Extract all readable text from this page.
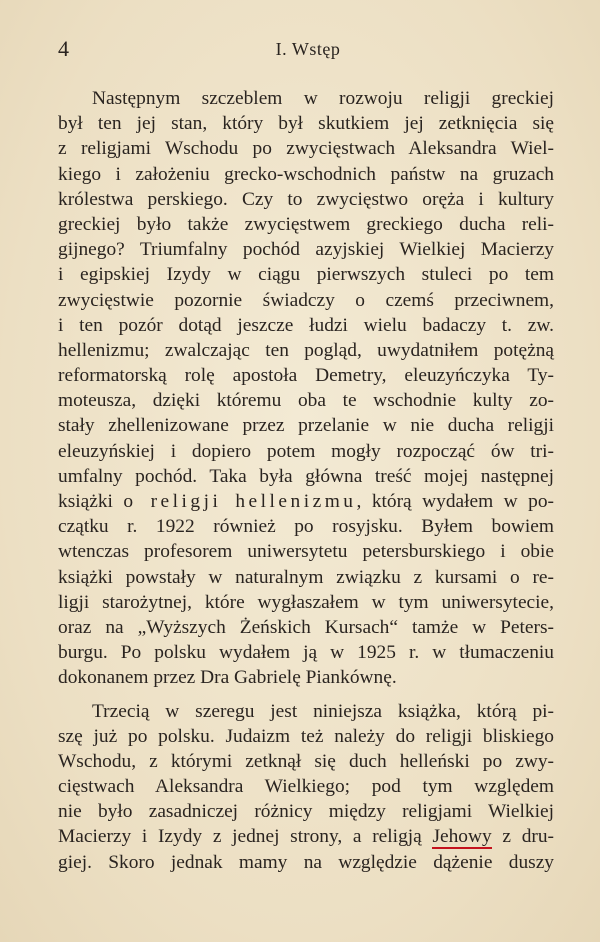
4	I. Wstęp
Następnym szczeblem w rozwoju religji greckiej
był ten jej stan, który był skutkiem jej zetknięcia się
z religjami Wschodu po zwycięstwach Aleksandra Wiel-
kiego i założeniu grecko-wschodnich państw na gruzach
królestwa perskiego. Czy to zwycięstwo oręża i kultury
greckiej było także zwycięstwem greckiego ducha reli-
gijnego? Triumfalny pochód azyjskiej Wielkiej Macierzy
i egipskiej Izydy w ciągu pierwszych stuleci po tem
zwycięstwie pozornie świadczy o czemś przeciwnem,
i ten pozór dotąd jeszcze łudzi wielu badaczy t. zw.
hellenizmu; zwalczając ten pogląd, uwydatniłem potężną
reformatorską rolę apostoła Demetry, eleuzyńczyka Ty-
moteusza, dzięki któremu oba te wschodnie kulty zo-
stały zhellenizowane przez przelanie w nie ducha religji
eleuzyńskiej i dopiero potem mogły rozpocząć ów tri-
umfalny pochód. Taka była główna treść mojej następnej
książki o religji hellenizmu, którą wydałem w po-
czątku r. 1922 również po rosyjsku. Byłem bowiem
wtenczas profesorem uniwersytetu petersburskiego i obie
książki powstały w naturalnym związku z kursami o re-
ligji starożytnej, które wygłaszałem w tym uniwersytecie,
oraz na „Wyższych Żeńskich Kursach“ tamże w Peters-
burgu. Po polsku wydałem ją w 1925 r. w tłumaczeniu
dokonanem przez Dra Gabrielę Piankównę.
Trzecią w szeregu jest niniejsza książka, którą pi-
szę już po polsku. Judaizm też należy do religji bliskiego
Wschodu, z którymi zetknął się duch helleński po zwy-
cięstwach Aleksandra Wielkiego; pod tym względem
nie było zasadniczej różnicy między religjami Wielkiej
Macierzy i Izydy z jednej strony, a religją Jehowy z dru-
giej. Skoro jednak mamy na względzie dążenie duszy
